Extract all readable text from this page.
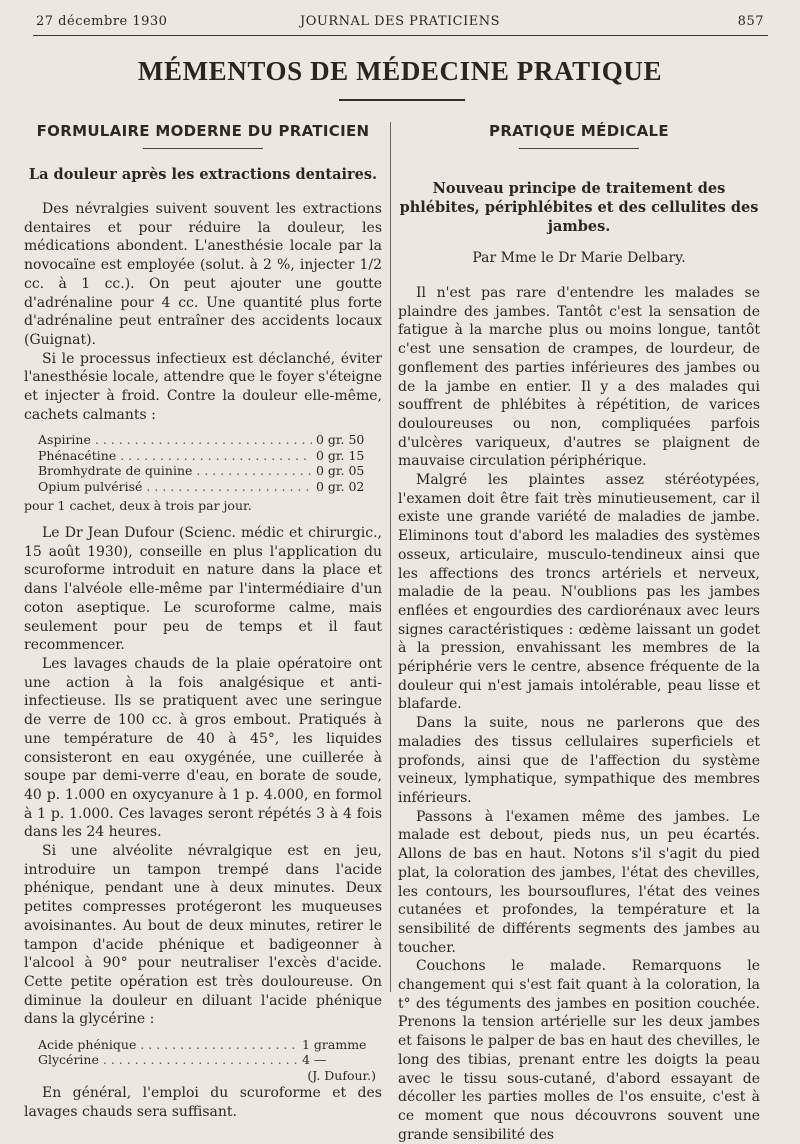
27 décembre 1930	JOURNAL DES PRATICIENS	857
MÉMENTOS DE MÉDECINE PRATIQUE
FORMULAIRE MODERNE DU PRATICIEN
La douleur après les extractions dentaires.

Des névralgies suivent souvent les extractions dentaires et pour réduire la douleur, les médications abondent. L'anesthésie locale par la novocaïne est employée (solut. à 2 %, injecter 1/2 cc. à 1 cc.). On peut ajouter une goutte d'adrénaline pour 4 cc. Une quantité plus forte d'adrénaline peut entraîner des accidents locaux (Guignat).

Si le processus infectieux est déclanché, éviter l'anesthésie locale, attendre que le foyer s'éteigne et injecter à froid. Contre la douleur elle-même, cachets calmants :

Aspirine . . .	0 gr. 50
Phénacétine . . .	0 gr. 15
Bromhydrate de quinine . . .	0 gr. 05
Opium pulvérisé . . .	0 gr. 02

pour 1 cachet, deux à trois par jour.

Le Dr Jean Dufour (Scienc. médic et chirurgic., 15 août 1930), conseille en plus l'application du scuroforme introduit en nature dans la place et dans l'alvéole elle-même par l'intermédiaire d'un coton aseptique. Le scuroforme calme, mais seulement pour peu de temps et il faut recommencer.

Les lavages chauds de la plaie opératoire ont une action à la fois analgésique et anti-infectieuse. Ils se pratiquent avec une seringue de verre de 100 cc. à gros embout. Pratiqués à une température de 40 à 45°, les liquides consisteront en eau oxygénée, une cuillerée à soupe par demi-verre d'eau, en borate de soude, 40 p. 1.000 en oxycyanure à 1 p. 4.000, en formol à 1 p. 1.000. Ces lavages seront répétés 3 à 4 fois dans les 24 heures.

Si une alvéolite névralgique est en jeu, introduire un tampon trempé dans l'acide phénique, pendant une à deux minutes. Deux petites compresses protégeront les muqueuses avoisinantes. Au bout de deux minutes, retirer le tampon d'acide phénique et badigeonner à l'alcool à 90° pour neutraliser l'excès d'acide. Cette petite opération est très douloureuse. On diminue la douleur en diluant l'acide phénique dans la glycérine :

Acide phénique . . .	1 gramme
Glycérine . . .	4 —
(J. Dufour.)

En général, l'emploi du scuroforme et des lavages chauds sera suffisant.

PRATIQUE MÉDICALE
Nouveau principe de traitement des phlébites, périphlébites et des cellulites des jambes.
Par Mme le Dr Marie Delbary.

Il n'est pas rare d'entendre les malades se plaindre des jambes. Tantôt c'est la sensation de fatigue à la marche plus ou moins longue, tantôt c'est une sensation de crampes, de lourdeur, de gonflement des parties inférieures des jambes ou de la jambe en entier. Il y a des malades qui souffrent de phlébites à répétition, de varices douloureuses ou non, compliquées parfois d'ulcères variqueux, d'autres se plaignent de mauvaise circulation périphérique.

Malgré les plaintes assez stéréotypées, l'examen doit être fait très minutieusement, car il existe une grande variété de maladies de jambe. Eliminons tout d'abord les maladies des systèmes osseux, articulaire, musculo-tendineux ainsi que les affections des troncs artériels et nerveux, maladie de la peau. N'oublions pas les jambes enflées et engourdies des cardiorénaux avec leurs signes caractéristiques : œdème laissant un godet à la pression, envahissant les membres de la périphérie vers le centre, absence fréquente de la douleur qui n'est jamais intolérable, peau lisse et blafarde.

Dans la suite, nous ne parlerons que des maladies des tissus cellulaires superficiels et profonds, ainsi que de l'affection du système veineux, lymphatique, sympathique des membres inférieurs.

Passons à l'examen même des jambes. Le malade est debout, pieds nus, un peu écartés. Allons de bas en haut. Notons s'il s'agit du pied plat, la coloration des jambes, l'état des chevilles, les contours, les boursouflures, l'état des veines cutanées et profondes, la température et la sensibilité de différents segments des jambes au toucher.

Couchons le malade. Remarquons le changement qui s'est fait quant à la coloration, la t° des téguments des jambes en position couchée. Prenons la tension artérielle sur les deux jambes et faisons le palper de bas en haut des chevilles, le long des tibias, prenant entre les doigts la peau avec le tissu sous-cutané, d'abord essayant de décoller les parties molles de l'os ensuite, c'est à ce moment que nous découvrons souvent une grande sensibilité des
